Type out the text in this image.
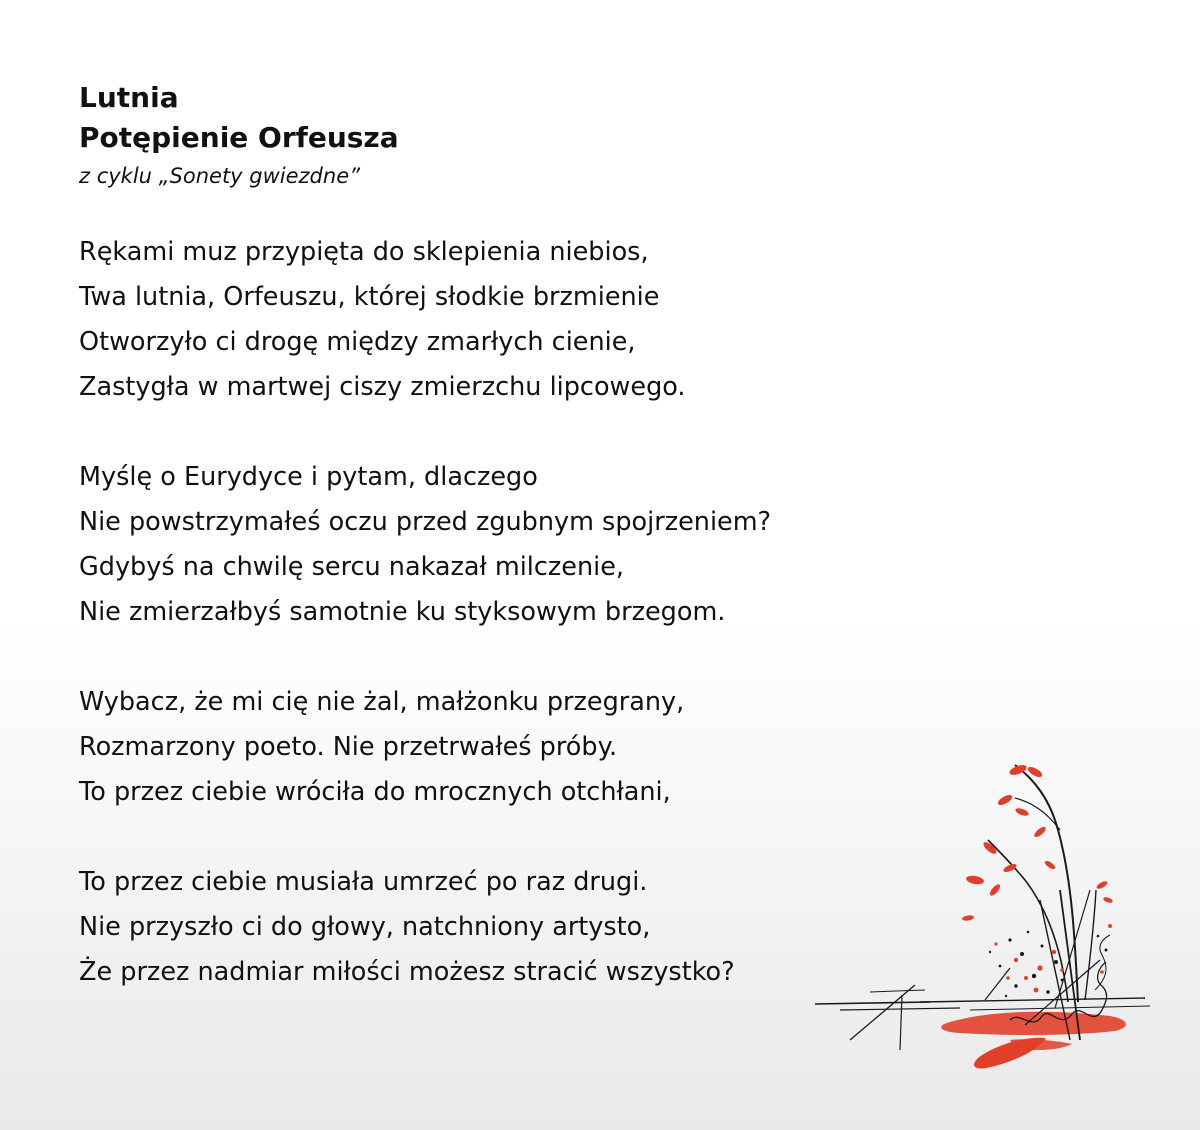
Lutnia
Potępienie Orfeusza

z cyklu „Sonety gwiezdne”

Rękami muz przypięta do sklepienia niebios,

Twa lutnia, Orfeuszu, której słodkie brzmienie

Otworzyło ci drogę między zmarłych cienie,

Zastygła w martwej ciszy zmierzchu lipcowego.

Myślę o Eurydyce i pytam, dlaczego

Nie powstrzymałeś oczu przed zgubnym spojrzeniem?

Gdybyś na chwilę sercu nakazał milczenie,

Nie zmierzałbyś samotnie ku styksowym brzegom.

Wybacz, że mi cię nie żal, małżonku przegrany,

Rozmarzony poeto. Nie przetrwałeś próby.

To przez ciebie wróciła do mrocznych otchłani,

To przez ciebie musiała umrzeć po raz drugi.

Nie przyszło ci do głowy, natchniony artysto,

Że przez nadmiar miłości możesz stracić wszystko?
